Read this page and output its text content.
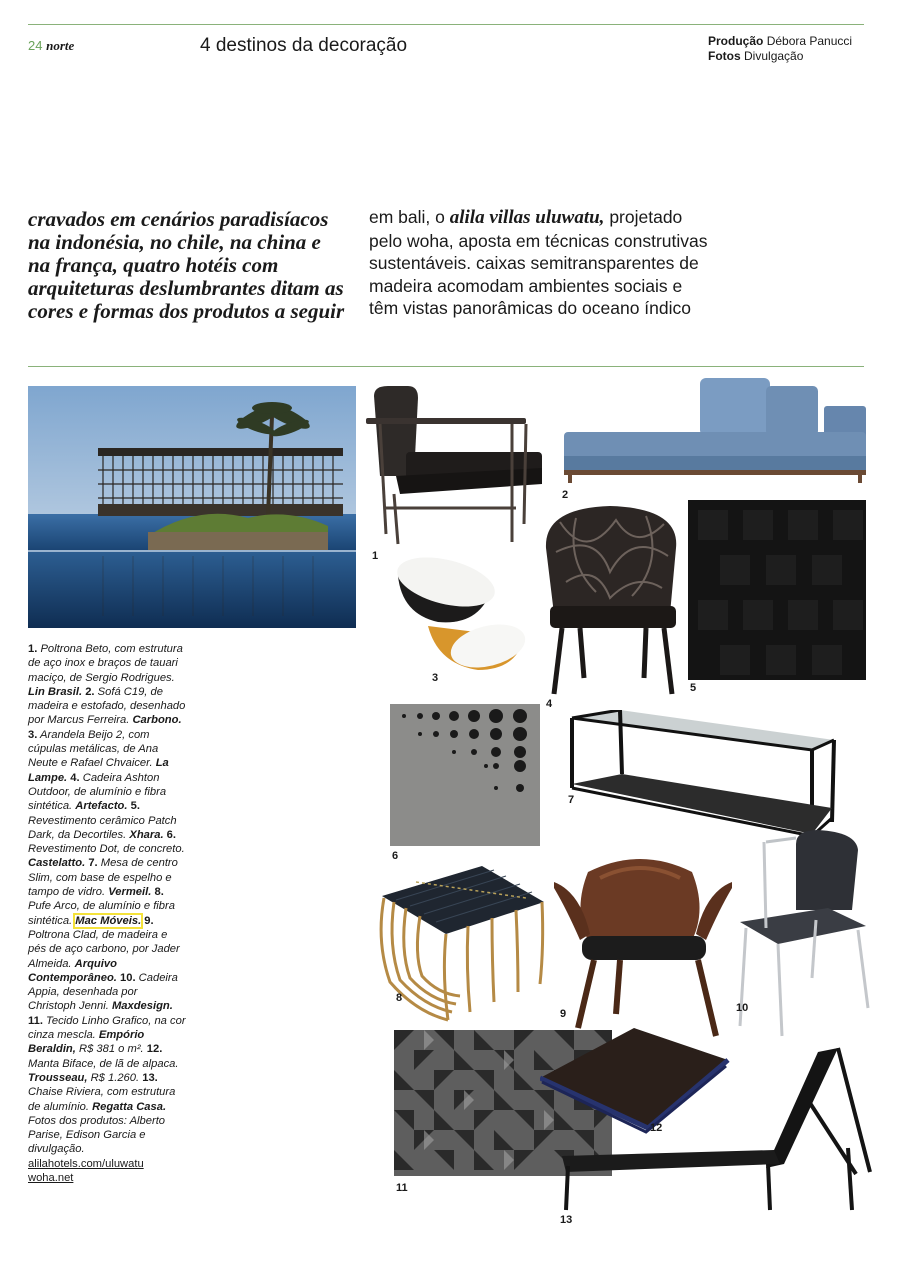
24 norte	4 destinos da decoração	Produção Débora Panucci
Fotos Divulgação
cravados em cenários paradisíacos na indonésia, no chile, na china e na frança, quatro hotéis com arquiteturas deslumbrantes ditam as cores e formas dos produtos a seguir
em bali, o alila villas uluwatu, projetado pelo woha, aposta em técnicas construtivas sustentáveis. caixas semitransparentes de madeira acomodam ambientes sociais e têm vistas panorâmicas do oceano índico
1. Poltrona Beto, com estrutura de aço inox e braços de tauari maciço, de Sergio Rodrigues. Lin Brasil. 2. Sofá C19, de madeira e estofado, desenhado por Marcus Ferreira. Carbono. 3. Arandela Beijo 2, com cúpulas metálicas, de Ana Neute e Rafael Chvaicer. La Lampe. 4. Cadeira Ashton Outdoor, de alumínio e fibra sintética. Artefacto. 5. Revestimento cerâmico Patch Dark, da Decortiles. Xhara. 6. Revestimento Dot, de concreto. Castelatto. 7. Mesa de centro Slim, com base de espelho e tampo de vidro. Vermeil. 8. Pufe Arco, de alumínio e fibra sintética. Mac Móveis. 9. Poltrona Clad, de madeira e pés de aço carbono, por Jader Almeida. Arquivo Contemporâneo. 10. Cadeira Appia, desenhada por Christoph Jenni. Maxdesign. 11. Tecido Linho Grafico, na cor cinza mescla. Empório Beraldin, R$ 381 o m². 12. Manta Biface, de lã de alpaca. Trousseau, R$ 1.260. 13. Chaise Riviera, com estrutura de alumínio. Regatta Casa. Fotos dos produtos: Alberto Parise, Edison Garcia e divulgação.
alilahotels.com/uluwatu
woha.net
1
2
3
4
5
6
7
8
9	10
11
12
13
